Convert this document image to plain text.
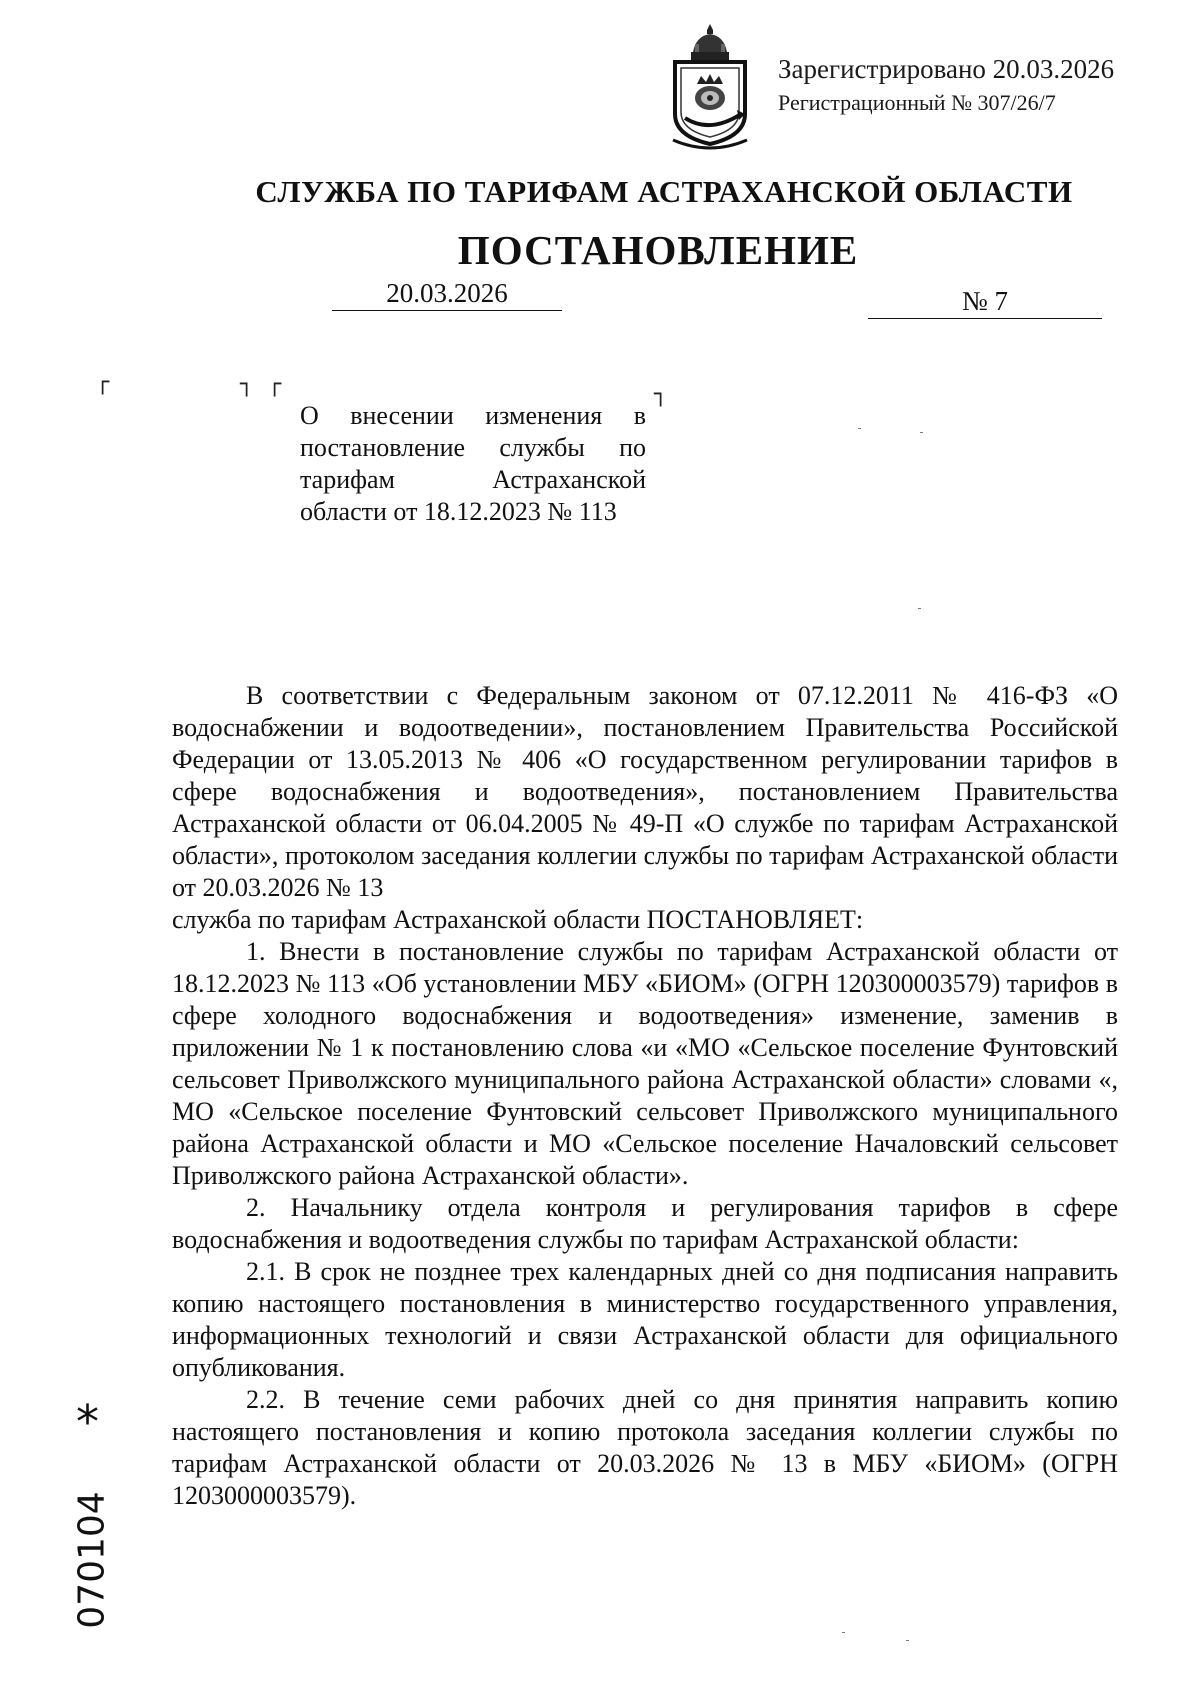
Зарегистрировано 20.03.2026
Регистрационный № 307/26/7
СЛУЖБА ПО ТАРИФАМ АСТРАХАНСКОЙ ОБЛАСТИ
ПОСТАНОВЛЕНИЕ
20.03.2026	№ 7
┌	┐ ┌	┐
О внесении изменения в постановление службы по тарифам Астраханской области от 18.12.2023 № 113

В соответствии с Федеральным законом от 07.12.2011 № 416-ФЗ «О водоснабжении и водоотведении», постановлением Правительства Российской Федерации от 13.05.2013 № 406 «О государственном регулировании тарифов в сфере водоснабжения и водоотведения», постановлением Правительства Астраханской области от 06.04.2005 № 49-П «О службе по тарифам Астраханской области», протоколом заседания коллегии службы по тарифам Астраханской области от 20.03.2026 № 13

служба по тарифам Астраханской области ПОСТАНОВЛЯЕТ:

1. Внести в постановление службы по тарифам Астраханской области от 18.12.2023 № 113 «Об установлении МБУ «БИОМ» (ОГРН 120300003579) тарифов в сфере холодного водоснабжения и водоотведения» изменение, заменив в приложении № 1 к постановлению слова «и «МО «Сельское поселение Фунтовский сельсовет Приволжского муниципального района Астраханской области» словами «, МО «Сельское поселение Фунтовский сельсовет Приволжского муниципального района Астраханской области и МО «Сельское поселение Началовский сельсовет Приволжского района Астраханской области».

2. Начальнику отдела контроля и регулирования тарифов в сфере водоснабжения и водоотведения службы по тарифам Астраханской области:

2.1. В срок не позднее трех календарных дней со дня подписания направить копию настоящего постановления в министерство государственного управления, информационных технологий и связи Астраханской области для официального опубликования.

2.2. В течение семи рабочих дней со дня принятия направить копию настоящего постановления и копию протокола заседания коллегии службы по тарифам Астраханской области от 20.03.2026 № 13 в МБУ «БИОМ» (ОГРН 1203000003579).

*
070104
